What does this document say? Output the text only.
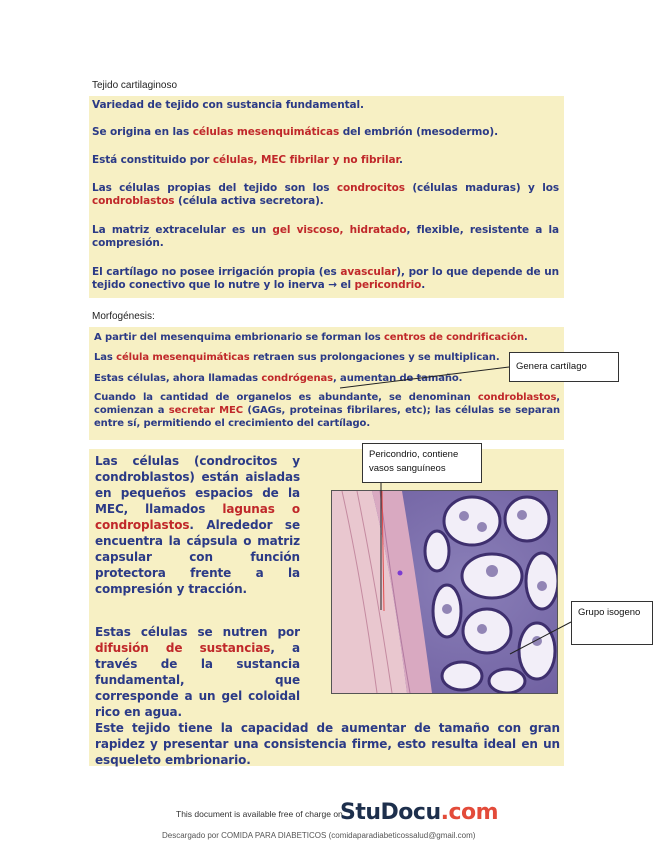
Tejido cartilaginoso
Variedad de tejido con sustancia fundamental.
Se origina en las células mesenquimáticas del embrión (mesodermo).
Está constituido por células, MEC fibrilar y no fibrilar.
Las células propias del tejido son los condrocitos (células maduras) y los condroblastos (célula activa secretora).
La matriz extracelular es un gel viscoso, hidratado, flexible, resistente a la compresión.
El cartílago no posee irrigación propia (es avascular), por lo que depende de un tejido conectivo que lo nutre y lo inerva → el pericondrio.
Morfogénesis:
A partir del mesenquima embrionario se forman los centros de condrificación.
Las célula mesenquimáticas retraen sus prolongaciones y se multiplican.
Estas células, ahora llamadas condrógenas, aumentan de tamaño.
Cuando la cantidad de organelos es abundante, se denominan condroblastos, comienzan a secretar MEC (GAGs, proteinas fibrilares, etc); las células se separan entre sí, permitiendo el crecimiento del cartílago.
Las células (condrocitos y condroblastos) están aisladas en pequeños espacios de la MEC, llamados lagunas o condroplastos. Alrededor se encuentra la cápsula o matriz capsular con función protectora frente a la compresión y tracción.
Estas células se nutren por difusión de sustancias, a través de la sustancia fundamental, que corresponde a un gel coloidal rico en agua.
Este tejido tiene la capacidad de aumentar de tamaño con gran rapidez y presentar una consistencia firme, esto resulta ideal en un esqueleto embrionario.
Genera cartílago
Pericondrio, contiene vasos sanguíneos
Grupo isogeno
This document is available free of charge on
StuDocu.com
Descargado por COMIDA PARA DIABETICOS (comidaparadiabeticossalud@gmail.com)
